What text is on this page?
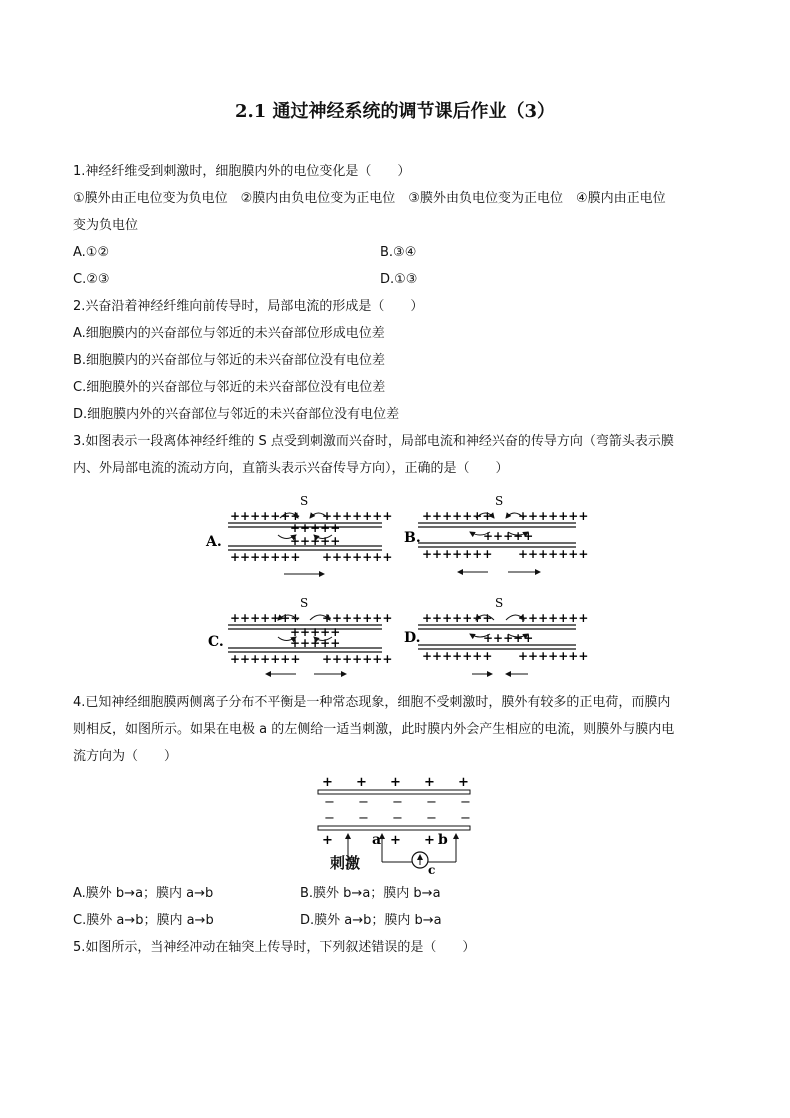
2.1 通过神经系统的调节课后作业（3）
1.神经纤维受到刺激时，细胞膜内外的电位变化是（　　）
①膜外由正电位变为负电位　②膜内由负电位变为正电位　③膜外由负电位变为正电位　④膜内由正电位
变为负电位
A.①②	B.③④
C.②③	D.①③
2.兴奋沿着神经纤维向前传导时，局部电流的形成是（　　）
A.细胞膜内的兴奋部位与邻近的未兴奋部位形成电位差
B.细胞膜内的兴奋部位与邻近的未兴奋部位没有电位差
C.细胞膜外的兴奋部位与邻近的未兴奋部位没有电位差
D.细胞膜内外的兴奋部位与邻近的未兴奋部位没有电位差
3.如图表示一段离体神经纤维的 S 点受到刺激而兴奋时，局部电流和神经兴奋的传导方向（弯箭头表示膜
内、外局部电流的流动方向，直箭头表示兴奋传导方向），正确的是（　　）
A.
S
+++++++ +++++++
+++++
+++++
+++++++ +++++++
B.
S
+++++++ +++++++
+++++
+++++++ +++++++
C.
S
+++++++ +++++++
+++++
+++++
+++++++ +++++++
D.
S
+++++++ +++++++
+++++
+++++++ +++++++
4.已知神经细胞膜两侧离子分布不平衡是一种常态现象，细胞不受刺激时，膜外有较多的正电荷，而膜内
则相反，如图所示。如果在电极 a 的左侧给一适当刺激，此时膜内外会产生相应的电流，则膜外与膜内电
流方向为（　　）
+ + + + +
− − − − −
− − − − −
+	+ +
a	b
c
刺激
A.膜外 b→a；膜内 a→b	B.膜外 b→a；膜内 b→a
C.膜外 a→b；膜内 a→b	D.膜外 a→b；膜内 b→a
5.如图所示，当神经冲动在轴突上传导时，下列叙述错误的是（　　）
